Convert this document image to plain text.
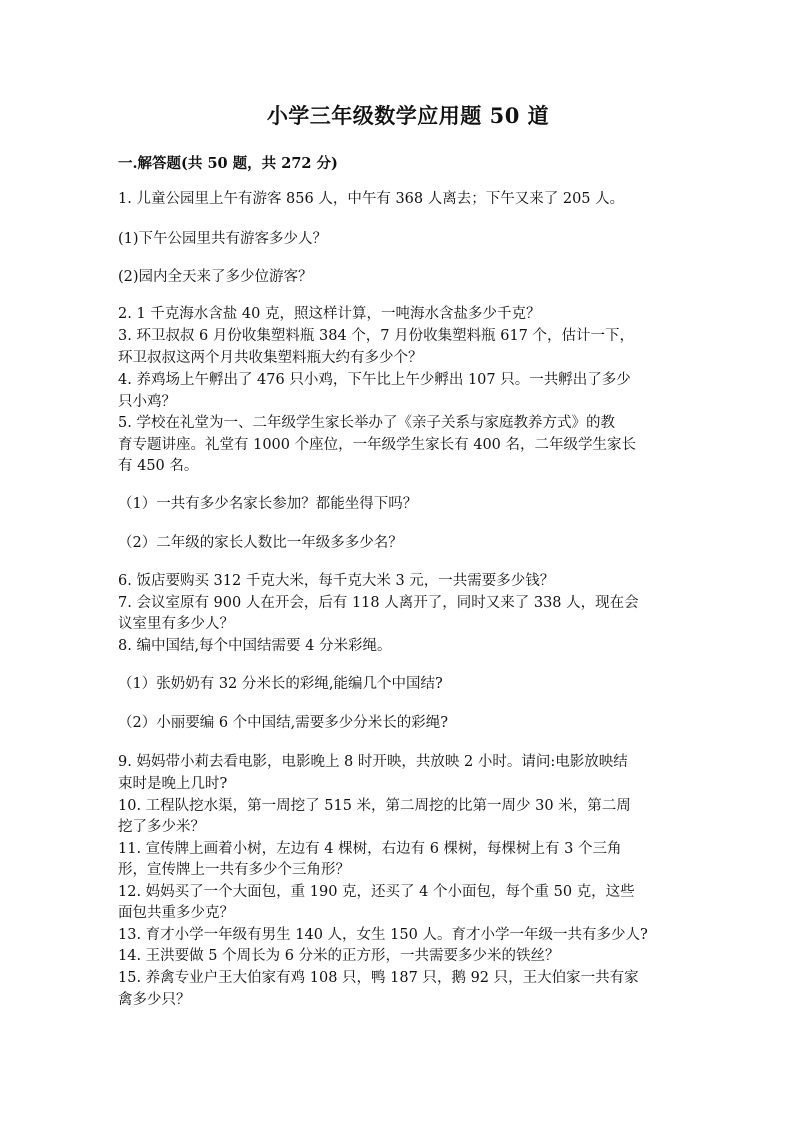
小学三年级数学应用题 50 道
一.解答题(共 50 题，共 272 分)
1. 儿童公园里上午有游客 856 人，中午有 368 人离去；下午又来了 205 人。
(1)下午公园里共有游客多少人？
(2)园内全天来了多少位游客？
2. 1 千克海水含盐 40 克，照这样计算，一吨海水含盐多少千克？
3. 环卫叔叔 6 月份收集塑料瓶 384 个，7 月份收集塑料瓶 617 个，估计一下，
环卫叔叔这两个月共收集塑料瓶大约有多少个？
4. 养鸡场上午孵出了 476 只小鸡，下午比上午少孵出 107 只。一共孵出了多少
只小鸡？
5. 学校在礼堂为一、二年级学生家长举办了《亲子关系与家庭教养方式》的教
育专题讲座。礼堂有 1000 个座位，一年级学生家长有 400 名，二年级学生家长
有 450 名。
（1）一共有多少名家长参加？都能坐得下吗？
（2）二年级的家长人数比一年级多多少名？
6. 饭店要购买 312 千克大米，每千克大米 3 元，一共需要多少钱？
7. 会议室原有 900 人在开会，后有 118 人离开了，同时又来了 338 人，现在会
议室里有多少人？
8. 编中国结,每个中国结需要 4 分米彩绳。
（1）张奶奶有 32 分米长的彩绳,能编几个中国结?
（2）小丽要编 6 个中国结,需要多少分米长的彩绳?
9. 妈妈带小莉去看电影，电影晚上 8 时开映，共放映 2 小时。请问:电影放映结
束时是晚上几时?
10. 工程队挖水渠，第一周挖了 515 米，第二周挖的比第一周少 30 米，第二周
挖了多少米？
11. 宣传牌上画着小树，左边有 4 棵树，右边有 6 棵树，每棵树上有 3 个三角
形，宣传牌上一共有多少个三角形？
12. 妈妈买了一个大面包，重 190 克，还买了 4 个小面包，每个重 50 克，这些
面包共重多少克？
13. 育才小学一年级有男生 140 人，女生 150 人。育才小学一年级一共有多少人?
14. 王洪要做 5 个周长为 6 分米的正方形，一共需要多少米的铁丝？
15. 养禽专业户王大伯家有鸡 108 只，鸭 187 只，鹅 92 只，王大伯家一共有家
禽多少只？
